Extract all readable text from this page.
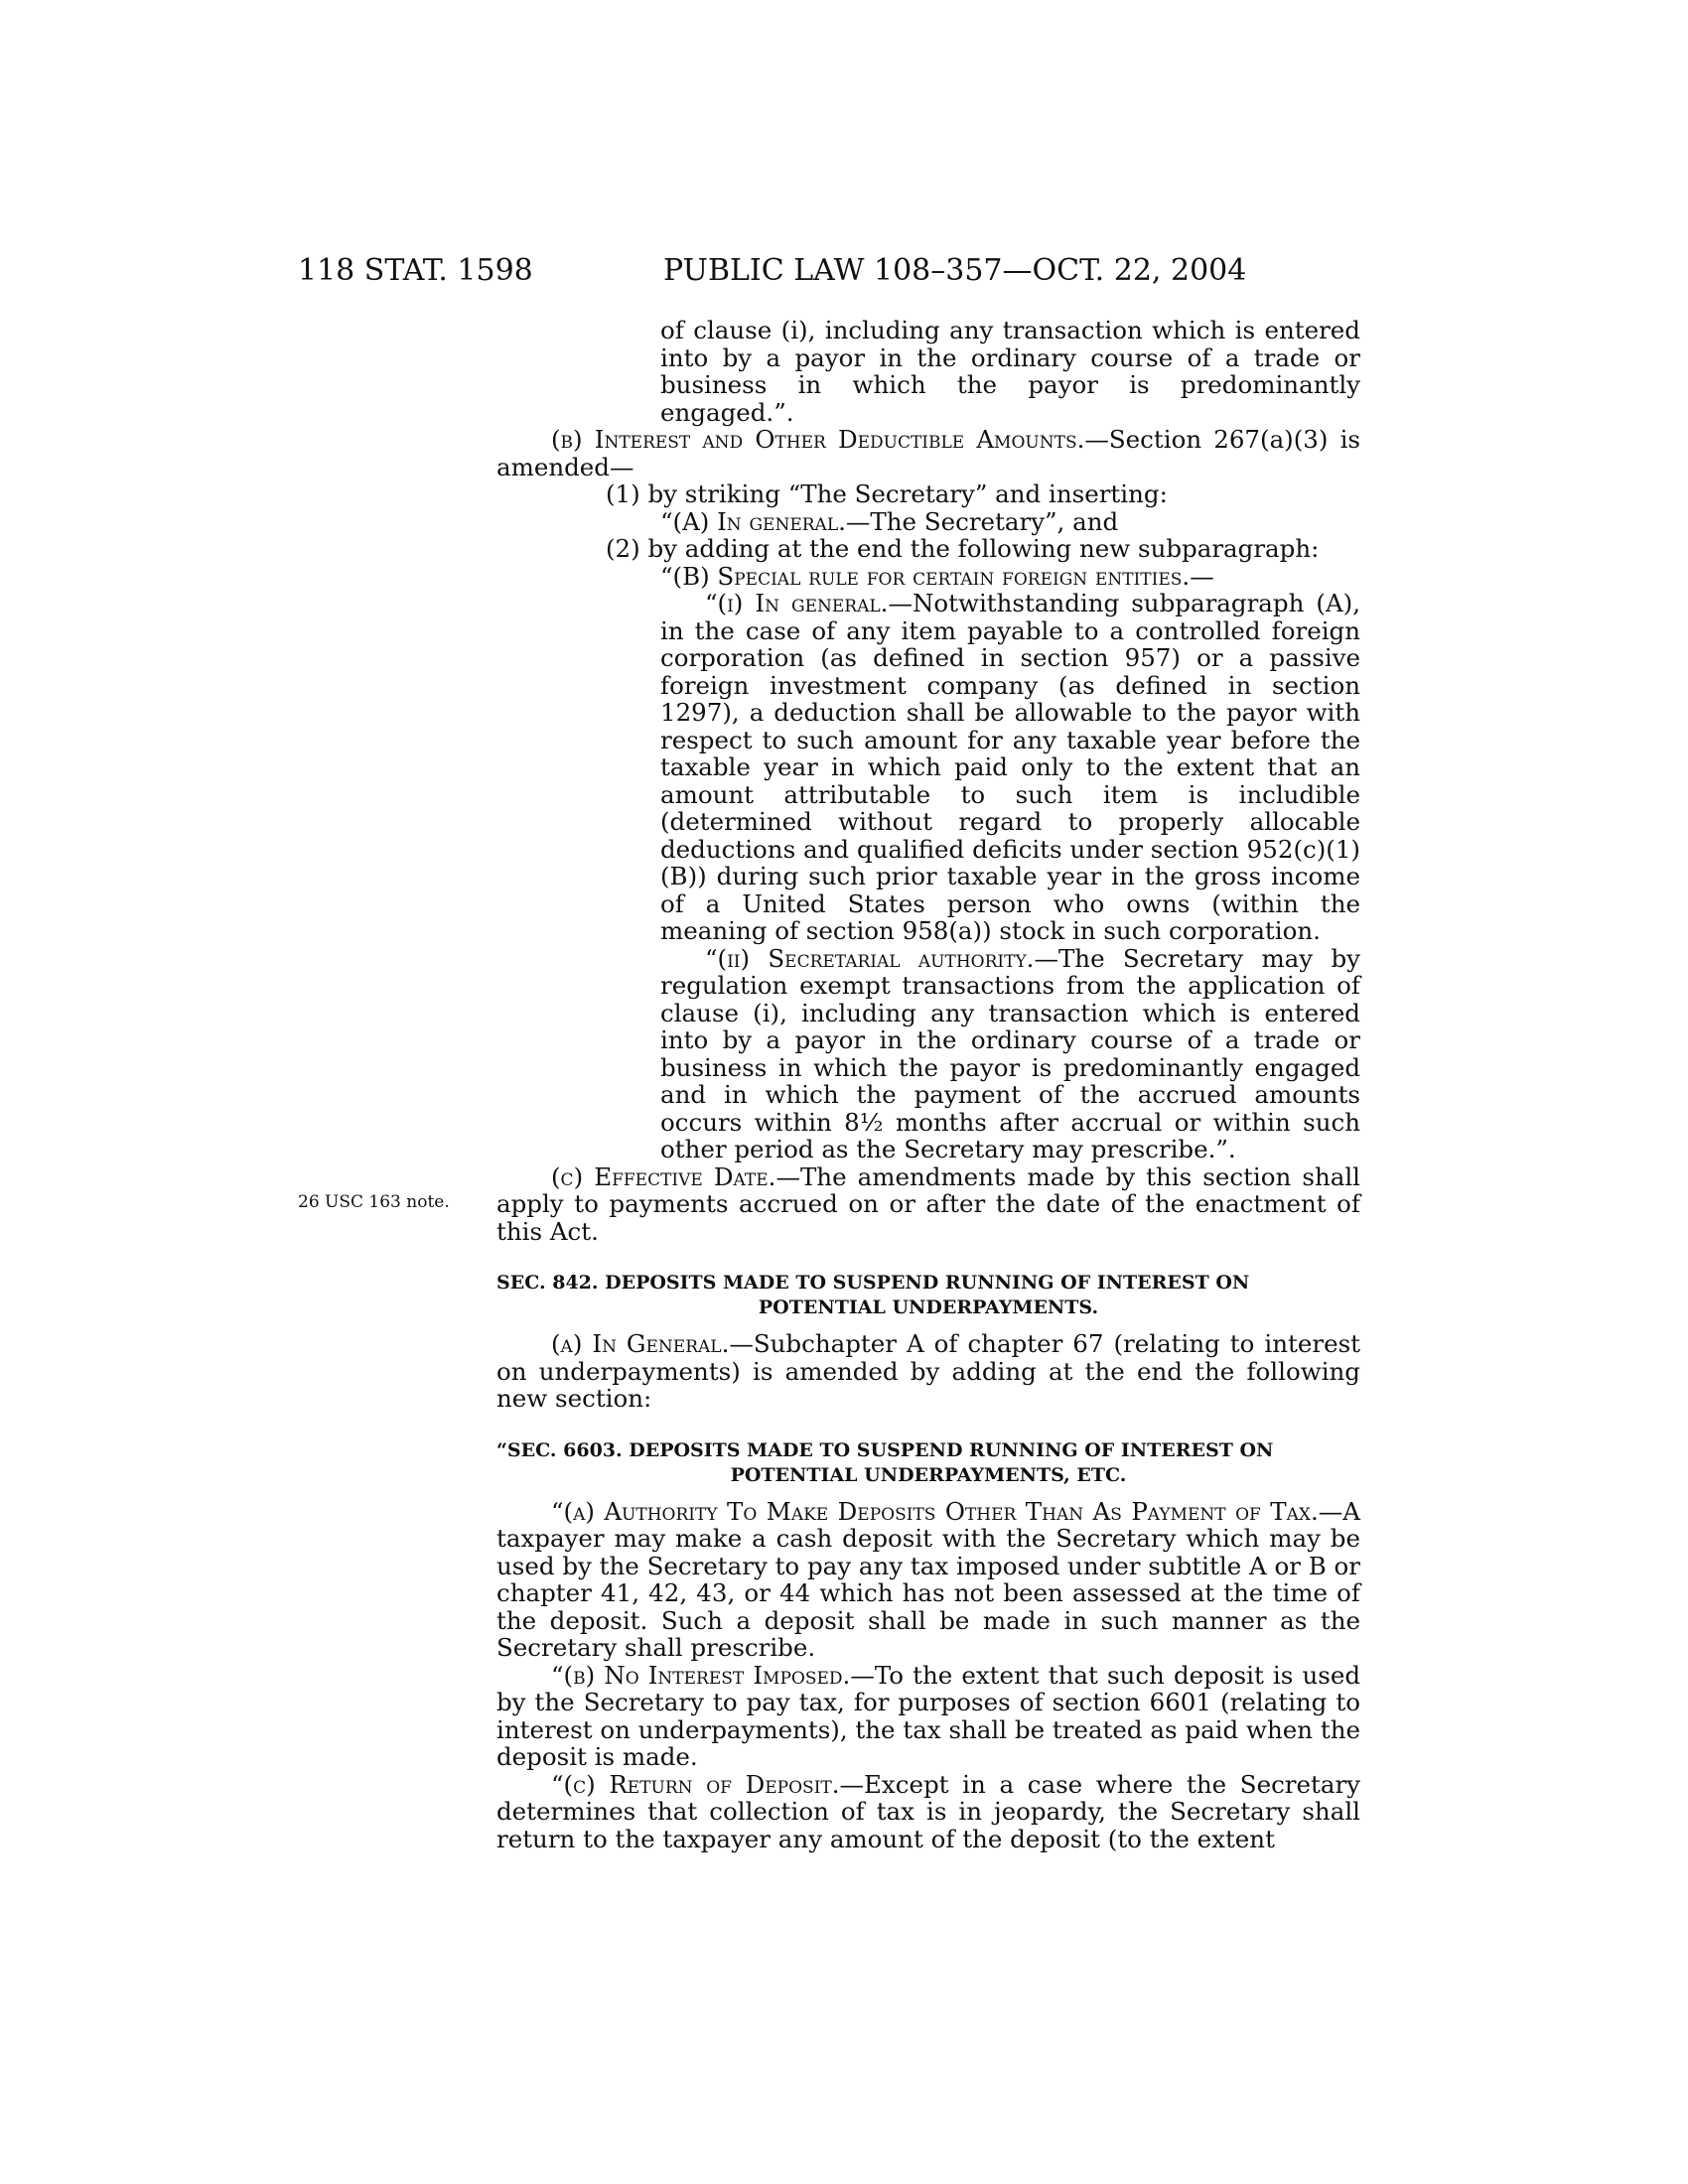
118 STAT. 1598	PUBLIC LAW 108–357—OCT. 22, 2004
26 USC 163 note.

of clause (i), including any transaction which is entered into by a payor in the ordinary course of a trade or business in which the payor is predominantly engaged.”.

(b) Interest and Other Deductible Amounts.—Section 267(a)(3) is amended—

(1) by striking “The Secretary” and inserting:

“(A) In general.—The Secretary”, and

(2) by adding at the end the following new subparagraph:

“(B) Special rule for certain foreign entities.—

“(i) In general.—Notwithstanding subparagraph (A), in the case of any item payable to a controlled foreign corporation (as defined in section 957) or a passive foreign investment company (as defined in section 1297), a deduction shall be allowable to the payor with respect to such amount for any taxable year before the taxable year in which paid only to the extent that an amount attributable to such item is includible (determined without regard to properly allocable deductions and qualified deficits under section 952(c)(1)(B)) during such prior taxable year in the gross income of a United States person who owns (within the meaning of section 958(a)) stock in such corporation.

“(ii) Secretarial authority.—The Secretary may by regulation exempt transactions from the application of clause (i), including any transaction which is entered into by a payor in the ordinary course of a trade or business in which the payor is predominantly engaged and in which the payment of the accrued amounts occurs within 8½ months after accrual or within such other period as the Secretary may prescribe.”.

(c) Effective Date.—The amendments made by this section shall apply to payments accrued on or after the date of the enactment of this Act.

SEC. 842. DEPOSITS MADE TO SUSPEND RUNNING OF INTEREST ON
POTENTIAL UNDERPAYMENTS.

(a) In General.—Subchapter A of chapter 67 (relating to interest on underpayments) is amended by adding at the end the following new section:

“SEC. 6603. DEPOSITS MADE TO SUSPEND RUNNING OF INTEREST ON
POTENTIAL UNDERPAYMENTS, ETC.

“(a) Authority To Make Deposits Other Than As Payment of Tax.—A taxpayer may make a cash deposit with the Secretary which may be used by the Secretary to pay any tax imposed under subtitle A or B or chapter 41, 42, 43, or 44 which has not been assessed at the time of the deposit. Such a deposit shall be made in such manner as the Secretary shall prescribe.

“(b) No Interest Imposed.—To the extent that such deposit is used by the Secretary to pay tax, for purposes of section 6601 (relating to interest on underpayments), the tax shall be treated as paid when the deposit is made.

“(c) Return of Deposit.—Except in a case where the Secretary determines that collection of tax is in jeopardy, the Secretary shall return to the taxpayer any amount of the deposit (to the extent
